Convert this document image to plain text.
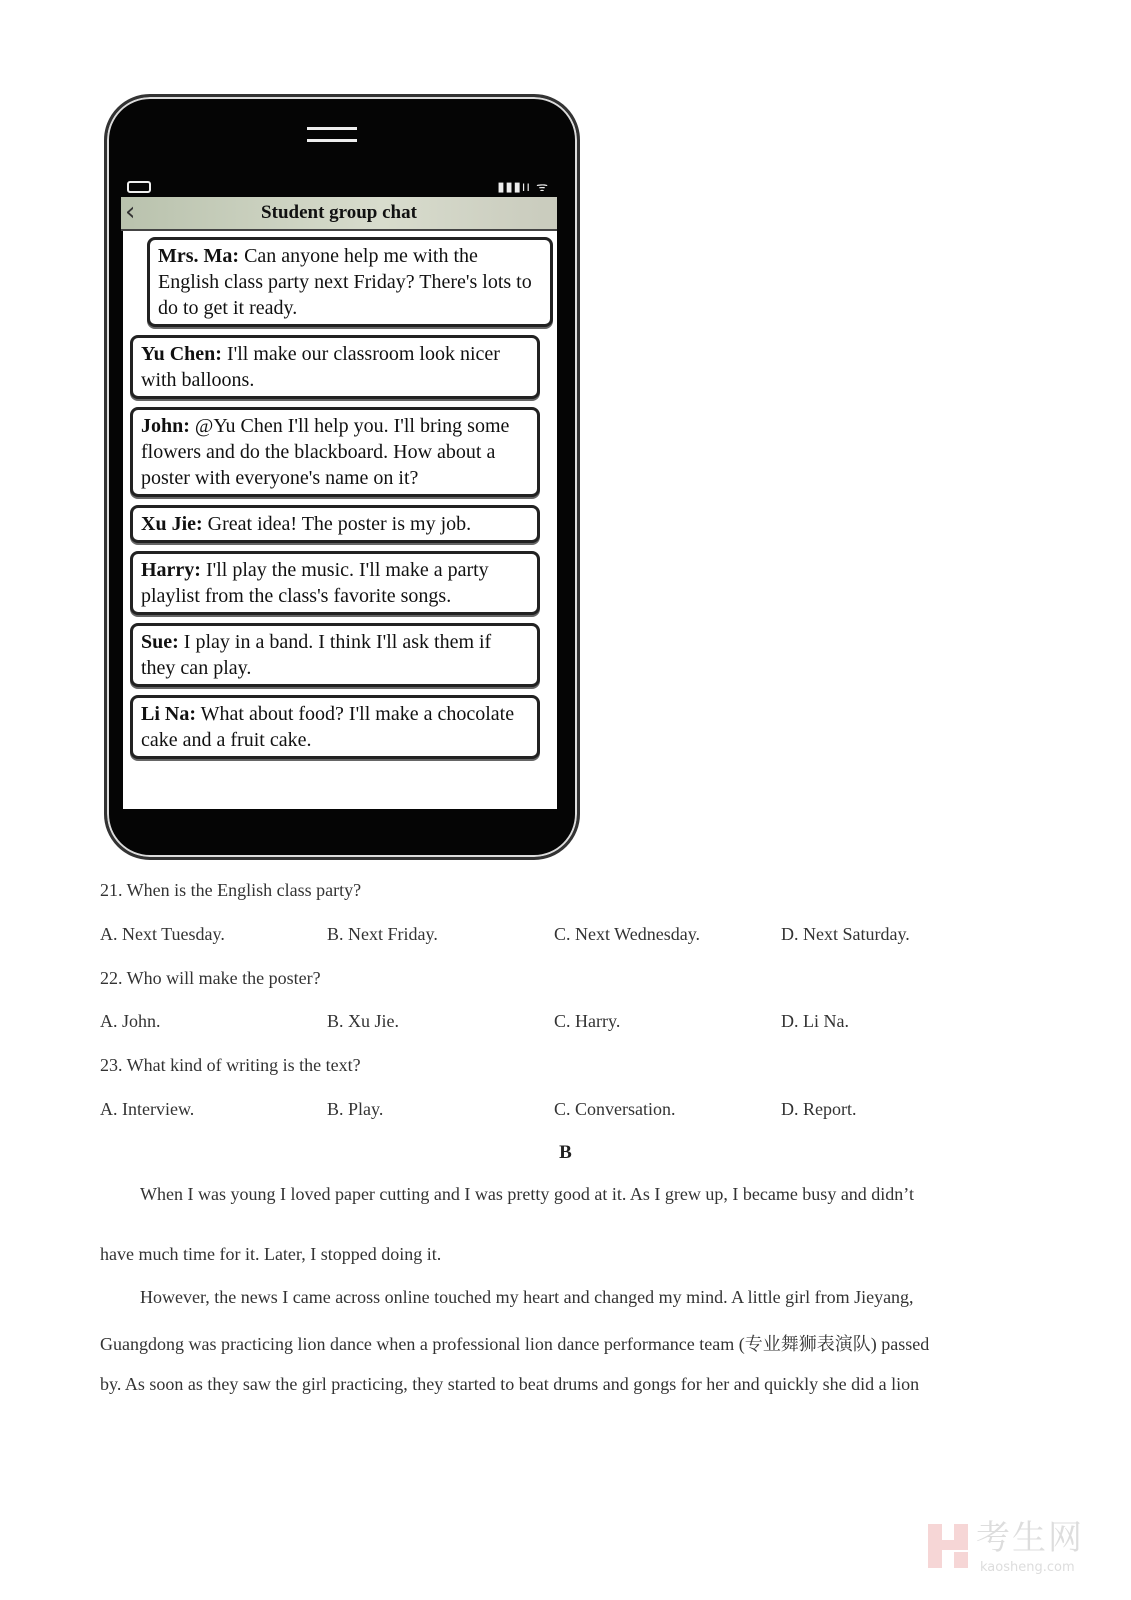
▮▮▮ıı ᯤ
‹	Student group chat
Mrs. Ma: Can anyone help me with the English class party next Friday? There's lots to do to get it ready.
Yu Chen: I'll make our classroom look nicer with balloons.
John: @Yu Chen I'll help you. I'll bring some flowers and do the blackboard. How about a poster with everyone's name on it?
Xu Jie: Great idea! The poster is my job.
Harry: I'll play the music. I'll make a party playlist from the class's favorite songs.
Sue: I play in a band. I think I'll ask them if they can play.
Li Na: What about food? I'll make a chocolate cake and a fruit cake.
21. When is the English class party?
A. Next Tuesday.	B. Next Friday.	C. Next Wednesday.	D. Next Saturday.
22. Who will make the poster?
A. John.	B. Xu Jie.	C. Harry.	D. Li Na.
23. What kind of writing is the text?
A. Interview.	B. Play.	C. Conversation.	D. Report.
B
When I was young I loved paper cutting and I was pretty good at it. As I grew up, I became busy and didn’t
have much time for it. Later, I stopped doing it.
However, the news I came across online touched my heart and changed my mind. A little girl from Jieyang,
Guangdong was practicing lion dance when a professional lion dance performance team (专业舞狮表演队) passed
by. As soon as they saw the girl practicing, they started to beat drums and gongs for her and quickly she did a lion
考生网
kaosheng.com
